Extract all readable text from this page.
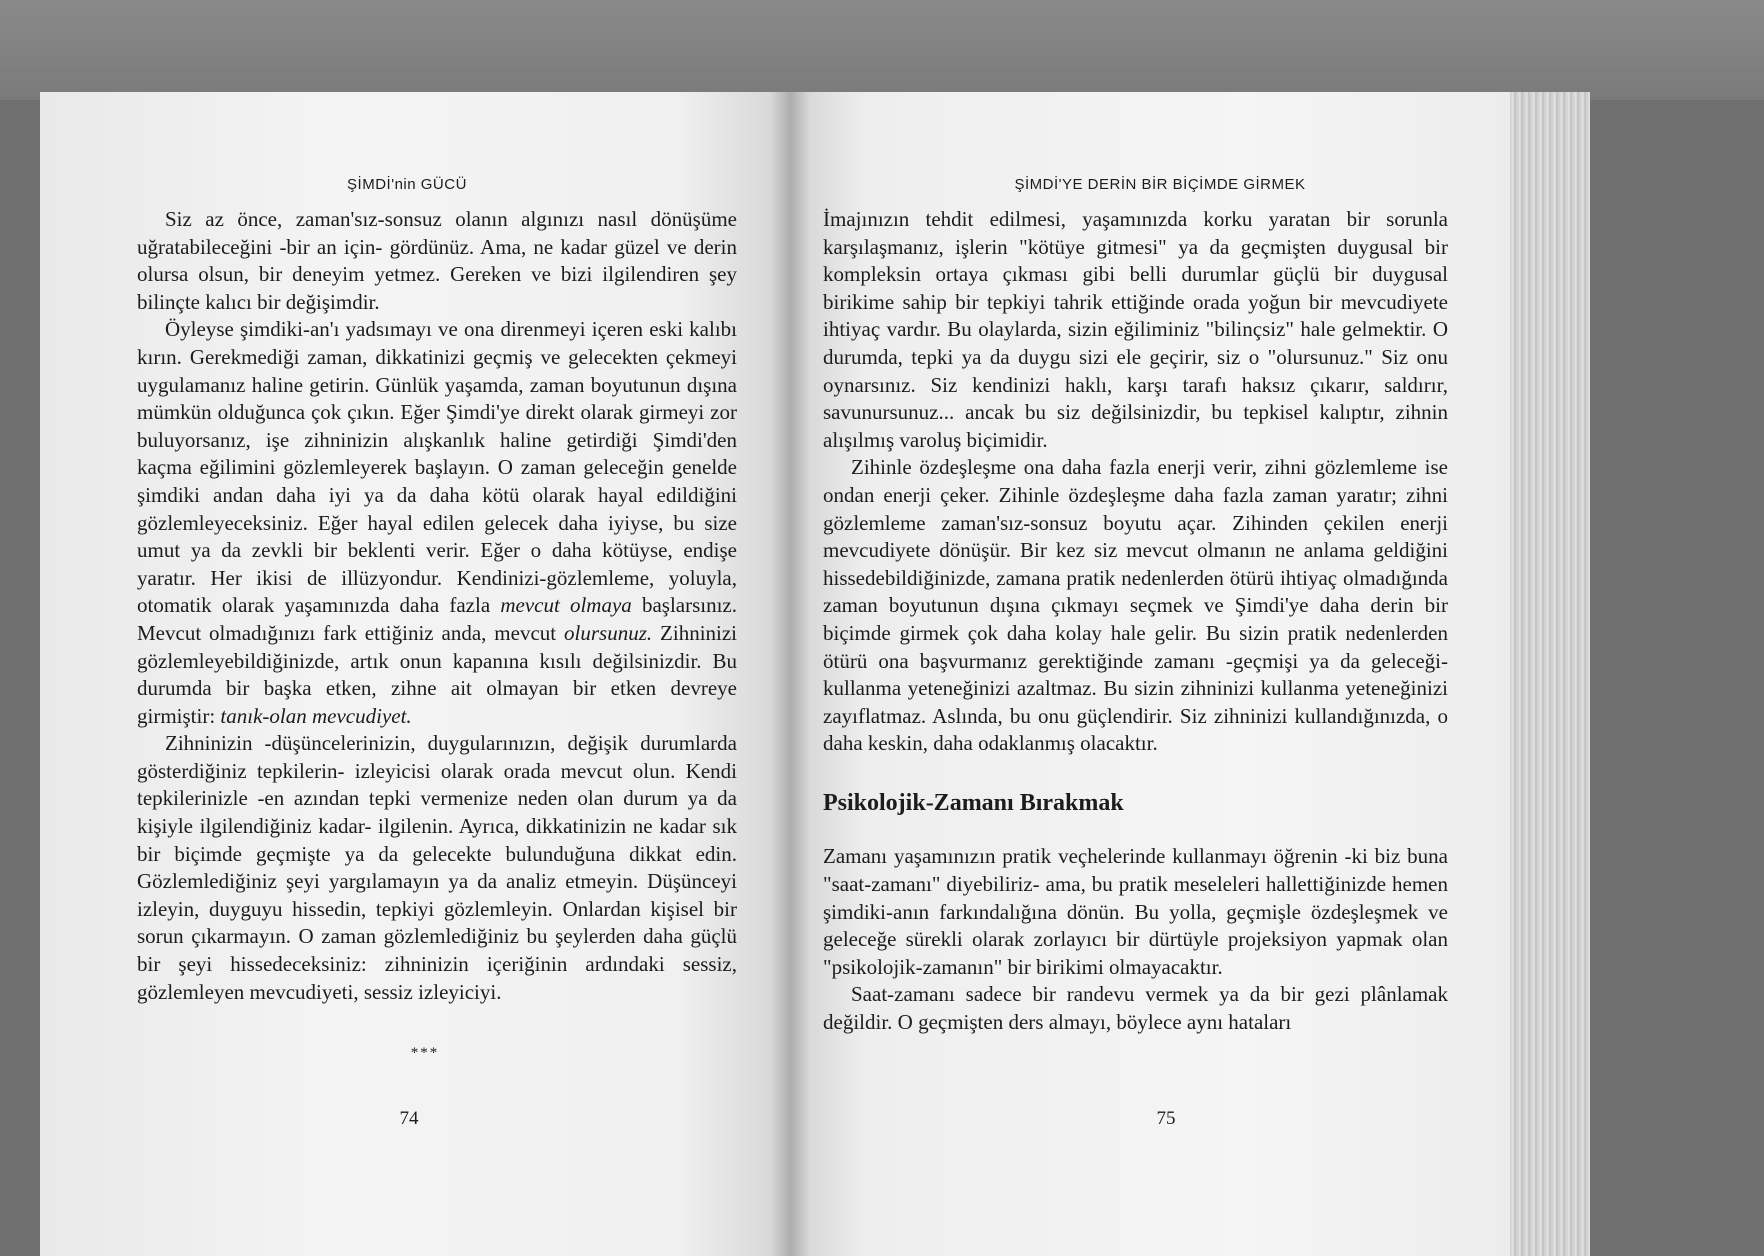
ŞİMDİ'nin GÜCÜ

Siz az önce, zaman'sız-sonsuz olanın algınızı nasıl dönüşüme uğratabileceğini -bir an için- gördünüz. Ama, ne kadar güzel ve derin olursa olsun, bir deneyim yetmez. Gereken ve bizi ilgilendiren şey bilinçte kalıcı bir değişimdir.

Öyleyse şimdiki-an'ı yadsımayı ve ona direnmeyi içeren eski kalıbı kırın. Gerekmediği zaman, dikkatinizi geçmiş ve gelecekten çekmeyi uygulamanız haline getirin. Günlük yaşamda, zaman boyutunun dışına mümkün olduğunca çok çıkın. Eğer Şimdi'ye direkt olarak girmeyi zor buluyorsanız, işe zihninizin alışkanlık haline getirdiği Şimdi'den kaçma eğilimini gözlemleyerek başlayın. O zaman geleceğin genelde şimdiki andan daha iyi ya da daha kötü olarak hayal edildiğini gözlemleyeceksiniz. Eğer hayal edilen gelecek daha iyiyse, bu size umut ya da zevkli bir beklenti verir. Eğer o daha kötüyse, endişe yaratır. Her ikisi de illüzyondur. Kendinizi-gözlemleme, yoluyla, otomatik olarak yaşamınızda daha fazla mevcut olmaya başlarsınız. Mevcut olmadığınızı fark ettiğiniz anda, mevcut olursunuz. Zihninizi gözlemleyebildiğinizde, artık onun kapanına kısılı değilsinizdir. Bu durumda bir başka etken, zihne ait olmayan bir etken devreye girmiştir: tanık-olan mevcudiyet.

Zihninizin -düşüncelerinizin, duygularınızın, değişik durumlarda gösterdiğiniz tepkilerin- izleyicisi olarak orada mevcut olun. Kendi tepkilerinizle -en azından tepki vermenize neden olan durum ya da kişiyle ilgilendiğiniz kadar- ilgilenin. Ayrıca, dikkatinizin ne kadar sık bir biçimde geçmişte ya da gelecekte bulunduğuna dikkat edin. Gözlemlediğiniz şeyi yargılamayın ya da analiz etmeyin. Düşünceyi izleyin, duyguyu hissedin, tepkiyi gözlemleyin. Onlardan kişisel bir sorun çıkarmayın. O zaman gözlemlediğiniz bu şeylerden daha güçlü bir şeyi hissedeceksiniz: zihninizin içeriğinin ardındaki sessiz, gözlemleyen mevcudiyeti, sessiz izleyiciyi.

***
74
ŞİMDİ'YE DERİN BİR BİÇİMDE GİRMEK

İmajınızın tehdit edilmesi, yaşamınızda korku yaratan bir sorunla karşılaşmanız, işlerin "kötüye gitmesi" ya da geçmişten duygusal bir kompleksin ortaya çıkması gibi belli durumlar güçlü bir duygusal birikime sahip bir tepkiyi tahrik ettiğinde orada yoğun bir mevcudiyete ihtiyaç vardır. Bu olaylarda, sizin eğiliminiz "bilinçsiz" hale gelmektir. O durumda, tepki ya da duygu sizi ele geçirir, siz o "olursunuz." Siz onu oynarsınız. Siz kendinizi haklı, karşı tarafı haksız çıkarır, saldırır, savunursunuz... ancak bu siz değilsinizdir, bu tepkisel kalıptır, zihnin alışılmış varoluş biçimidir.

Zihinle özdeşleşme ona daha fazla enerji verir, zihni gözlemleme ise ondan enerji çeker. Zihinle özdeşleşme daha fazla zaman yaratır; zihni gözlemleme zaman'sız-sonsuz boyutu açar. Zihinden çekilen enerji mevcudiyete dönüşür. Bir kez siz mevcut olmanın ne anlama geldiğini hissedebildiğinizde, zamana pratik nedenlerden ötürü ihtiyaç olmadığında zaman boyutunun dışına çıkmayı seçmek ve Şimdi'ye daha derin bir biçimde girmek çok daha kolay hale gelir. Bu sizin pratik nedenlerden ötürü ona başvurmanız gerektiğinde zamanı -geçmişi ya da geleceği- kullanma yeteneğinizi azaltmaz. Bu sizin zihninizi kullanma yeteneğinizi zayıflatmaz. Aslında, bu onu güçlendirir. Siz zihninizi kullandığınızda, o daha keskin, daha odaklanmış olacaktır.

Psikolojik-Zamanı Bırakmak

Zamanı yaşamınızın pratik veçhelerinde kullanmayı öğrenin -ki biz buna "saat-zamanı" diyebiliriz- ama, bu pratik meseleleri hallettiğinizde hemen şimdiki-anın farkındalığına dönün. Bu yolla, geçmişle özdeşleşmek ve geleceğe sürekli olarak zorlayıcı bir dürtüyle projeksiyon yapmak olan "psikolojik-zamanın" bir birikimi olmayacaktır.

Saat-zamanı sadece bir randevu vermek ya da bir gezi plânlamak değildir. O geçmişten ders almayı, böylece aynı hataları

75
